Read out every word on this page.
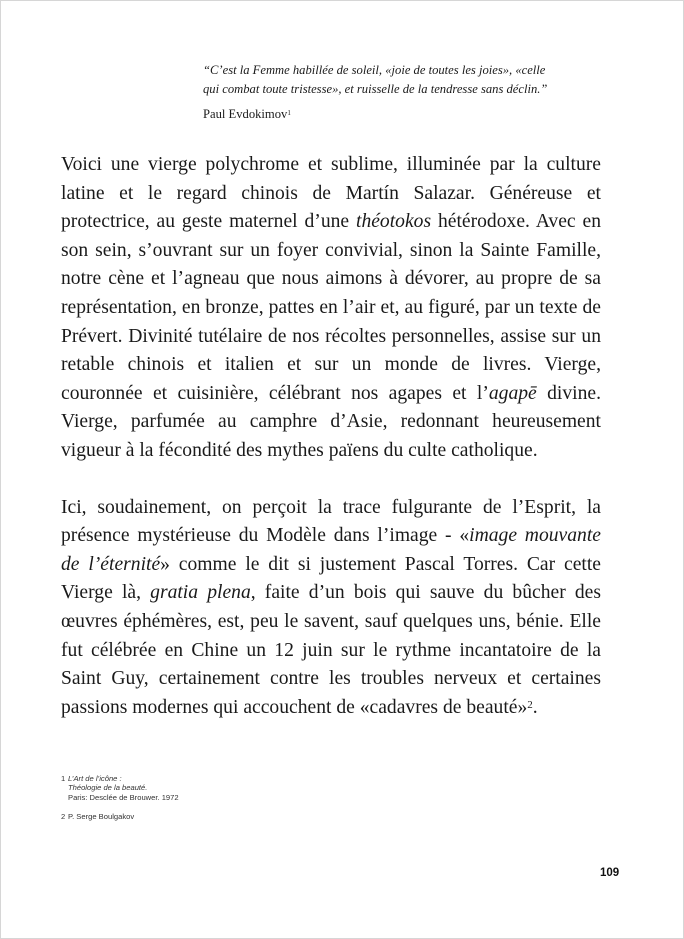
“C’est la Femme habillée de soleil, «joie de toutes les joies», «celle
qui combat toute tristesse», et ruisselle de la tendresse sans déclin.”

Paul Evdokimov$^1$

Voici une vierge polychrome et sublime, illuminée par la culture latine et le regard chinois de Martín Salazar. Généreuse et protectrice, au geste maternel d’une théotokos hétérodoxe. Avec en son sein, s’ouvrant sur un foyer convivial, sinon la Sainte Famille, notre cène et l’agneau que nous aimons à dévorer, au propre de sa représentation, en bronze, pattes en l’air et, au figuré, par un texte de Prévert. Divinité tutélaire de nos récoltes personnelles, assise sur un retable chinois et italien et sur un monde de livres. Vierge, couronnée et cuisinière, célébrant nos agapes et l’agapē divine. Vierge, parfumée au camphre d’Asie, redonnant heureusement vigueur à la fécondité des mythes païens du culte catholique.

Ici, soudainement, on perçoit la trace fulgurante de l’Esprit, la présence mystérieuse du Modèle dans l’image - «image mouvante de l’éternité» comme le dit si justement Pascal Torres. Car cette Vierge là, gratia plena, faite d’un bois qui sauve du bûcher des œuvres éphémères, est, peu le savent, sauf quelques uns, bénie. Elle fut célébrée en Chine un 12 juin sur le rythme incantatoire de la Saint Guy, certainement contre les troubles nerveux et certaines passions modernes qui accouchent de «cadavres de beauté»$^2$.

1 L’Art de l’icône :
Théologie de la beauté.
Paris: Desclée de Brouwer. 1972
2 P. Serge Boulgakov
109
